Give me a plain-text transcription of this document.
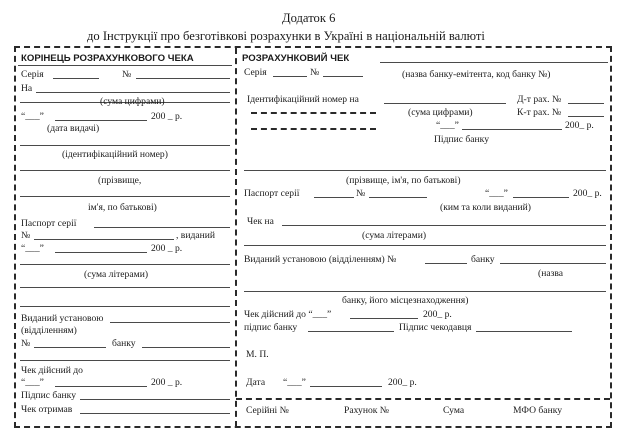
Додаток 6
до Інструкції про безготівкові розрахунки в Україні в національній валюті
КОРІНЕЦЬ РОЗРАХУНКОВОГО ЧЕКА
Серія	№
На
(сума цифрами)
“___”	200 _ р.
(дата видачі)
(ідентифікаційний номер)
(прізвище,
ім'я, по батькові)
Паспорт серії
№	, виданий
“___”	200 _ р.
(сума літерами)
Виданий установою
(відділенням)
№	банку
Чек дійсний до
“___”	200 _ р.
Підпис банку
Чек отримав
РОЗРАХУНКОВИЙ ЧЕК
Серія	№	(назва банку-емітента, код банку №)
Ідентифікаційний номер на	Д-т рах. №
(сума цифрами)	К-т рах. №
“___”	200_ р.
Підпис банку
(прізвище, ім'я, по батькові)
Паспорт серії	№	“___”	200_ р.
(ким та коли виданий)
Чек на
(сума літерами)
Виданий установою (відділенням) №	банку
(назва
банку, його місцезнаходження)
Чек дійсний до “___”	200_ р.
підпис банку	Підпис чекодавця
М. П.
Дата “___”	200_ р.
Серійні №	Рахунок №	Сума	МФО банку
